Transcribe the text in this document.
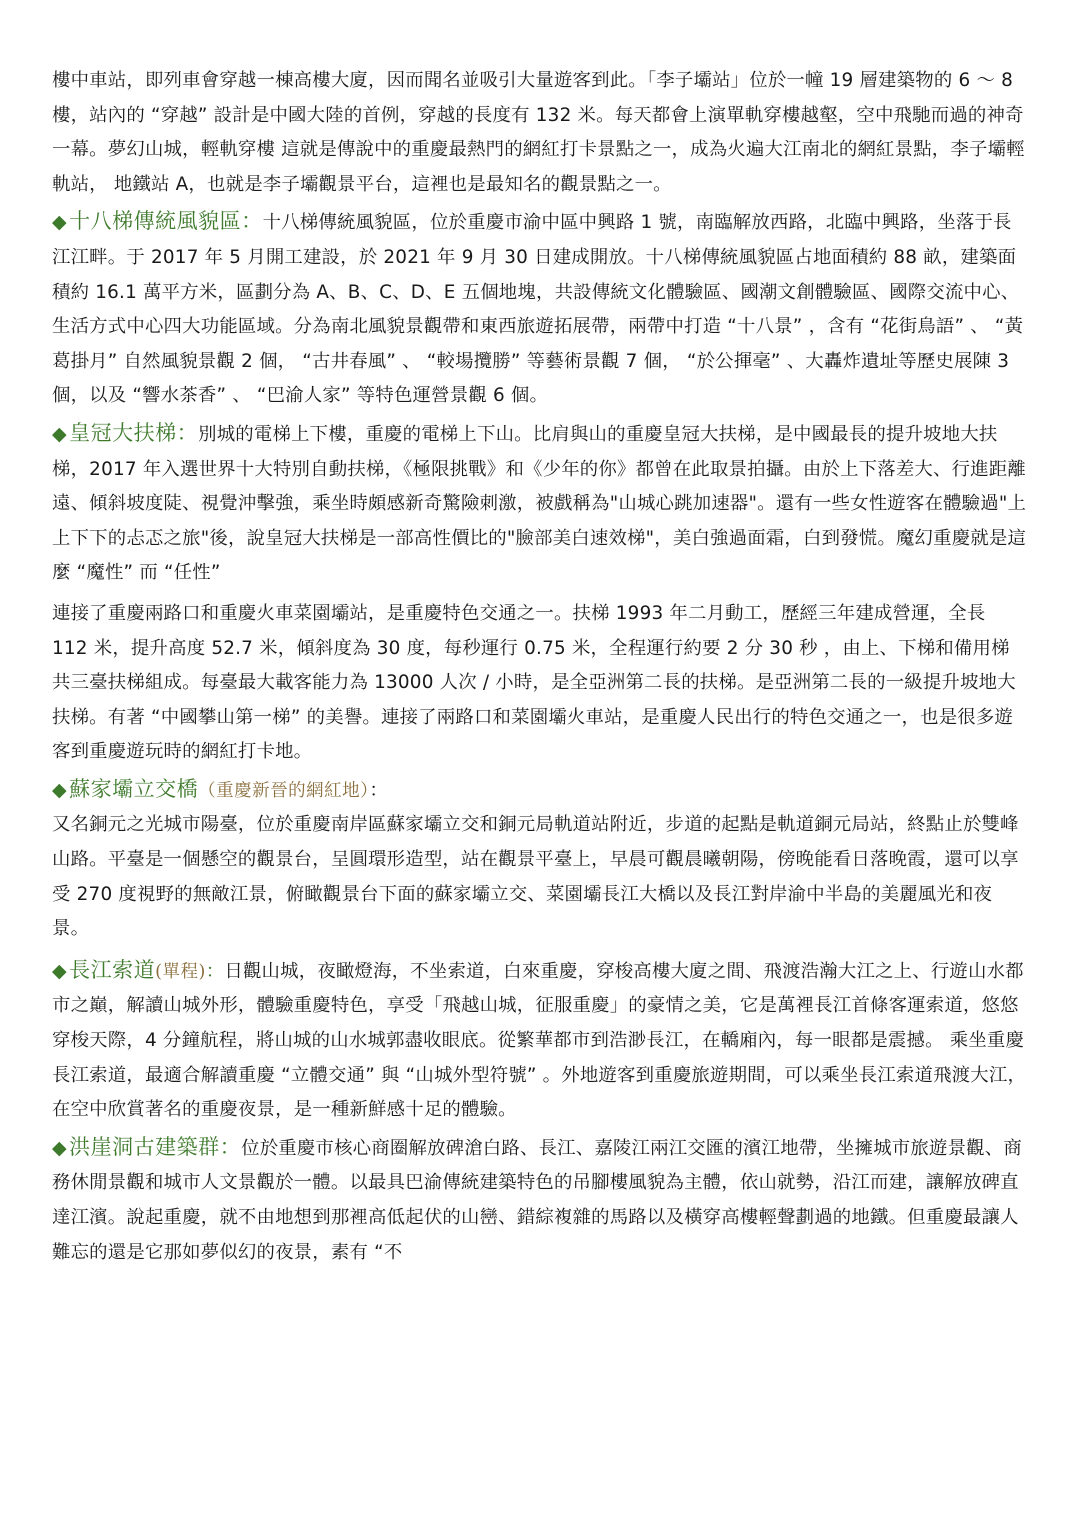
樓中車站，即列車會穿越一棟高樓大廈，因而聞名並吸引大量遊客到此。「李子壩站」位於一幢 19 層建築物的 6 ～ 8 樓，站內的 “穿越” 設計是中國大陸的首例，穿越的長度有 132 米。每天都會上演單軌穿樓越壑，空中飛馳而過的神奇一幕。夢幻山城，輕軌穿樓 這就是傳說中的重慶最熱門的網紅打卡景點之一，成為火遍大江南北的網紅景點，李子壩輕軌站， 地鐵站 A，也就是李子壩觀景平台，這裡也是最知名的觀景點之一。

◆十八梯傳統風貌區：十八梯傳統風貌區，位於重慶市渝中區中興路 1 號，南臨解放西路，北臨中興路，坐落于長江江畔。于 2017 年 5 月開工建設，於 2021 年 9 月 30 日建成開放。十八梯傳統風貌區占地面積約 88 畝，建築面積約 16.1 萬平方米，區劃分為 A、B、C、D、E 五個地塊，共設傳統文化體驗區、國潮文創體驗區、國際交流中心、生活方式中心四大功能區域。分為南北風貌景觀帶和東西旅遊拓展帶，兩帶中打造 “十八景” ，含有 “花街鳥語” 、 “黃葛掛月” 自然風貌景觀 2 個， “古井春風” 、 “較場攬勝” 等藝術景觀 7 個， “於公揮毫” 、大轟炸遺址等歷史展陳 3 個，以及 “響水茶香” 、 “巴渝人家” 等特色運營景觀 6 個。

◆皇冠大扶梯：別城的電梯上下樓，重慶的電梯上下山。比肩與山的重慶皇冠大扶梯，是中國最長的提升坡地大扶梯，2017 年入選世界十大特別自動扶梯，《極限挑戰》和《少年的你》都曾在此取景拍攝。由於上下落差大、行進距離遠、傾斜坡度陡、視覺沖擊強，乘坐時頗感新奇驚險刺激，被戲稱為"山城心跳加速器"。還有一些女性遊客在體驗過"上上下下的忐忑之旅"後，說皇冠大扶梯是一部高性價比的"臉部美白速效梯"，美白強過面霜，白到發慌。魔幻重慶就是這麼 “魔性” 而 “任性”

連接了重慶兩路口和重慶火車菜園壩站，是重慶特色交通之一。扶梯 1993 年二月動工，歷經三年建成營運，全長 112 米，提升高度 52.7 米，傾斜度為 30 度，每秒運行 0.75 米，全程運行約要 2 分 30 秒 ，由上、下梯和備用梯共三臺扶梯組成。每臺最大載客能力為 13000 人次 / 小時，是全亞洲第二長的扶梯。是亞洲第二長的一級提升坡地大扶梯。有著 “中國攀山第一梯” 的美譽。連接了兩路口和菜園壩火車站，是重慶人民出行的特色交通之一，也是很多遊客到重慶遊玩時的網紅打卡地。

◆蘇家壩立交橋（重慶新晉的網紅地）：
又名銅元之光城市陽臺，位於重慶南岸區蘇家壩立交和銅元局軌道站附近，步道的起點是軌道銅元局站，終點止於雙峰山路。平臺是一個懸空的觀景台，呈圓環形造型，站在觀景平臺上，早晨可觀晨曦朝陽，傍晚能看日落晚霞，還可以享受 270 度視野的無敵江景，俯瞰觀景台下面的蘇家壩立交、菜園壩長江大橋以及長江對岸渝中半島的美麗風光和夜景。

◆長江索道(單程)：日觀山城，夜瞰燈海，不坐索道，白來重慶，穿梭高樓大廈之間、飛渡浩瀚大江之上、行遊山水都市之巔，解讀山城外形，體驗重慶特色，享受「飛越山城，征服重慶」的豪情之美，它是萬裡長江首條客運索道，悠悠穿梭天際，4 分鐘航程，將山城的山水城郭盡收眼底。從繁華都市到浩渺長江，在轎廂內，每一眼都是震撼。 乘坐重慶長江索道，最適合解讀重慶 “立體交通” 與 “山城外型符號” 。外地遊客到重慶旅遊期間，可以乘坐長江索道飛渡大江，在空中欣賞著名的重慶夜景，是一種新鮮感十足的體驗。

◆洪崖洞古建築群：位於重慶市核心商圈解放碑滄白路、長江、嘉陵江兩江交匯的濱江地帶，坐擁城市旅遊景觀、商務休閒景觀和城市人文景觀於一體。以最具巴渝傳統建築特色的吊腳樓風貌為主體，依山就勢，沿江而建，讓解放碑直達江濱。說起重慶，就不由地想到那裡高低起伏的山巒、錯綜複雜的馬路以及橫穿高樓輕聲劃過的地鐵。但重慶最讓人難忘的還是它那如夢似幻的夜景，素有 “不
